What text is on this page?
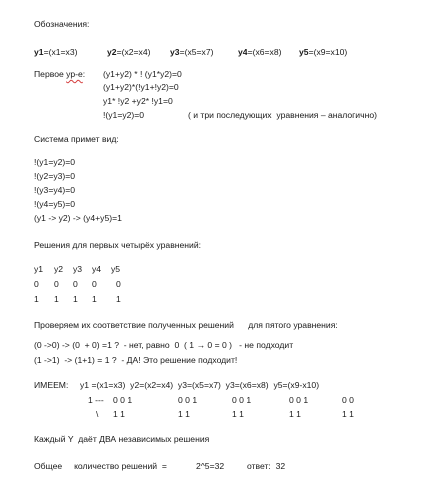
Обозначения:
y1=(x1=x3)	y2=(x2=x4) y3=(x5=x7)	y4=(x6=x8) y5=(x9=x10)
Первое ур-е: (y1+y2) * ! (y1*y2)=0
(y1+y2)*(!y1+!y2)=0
y1* !y2 +y2* !y1=0
!(y1=y2)=0	( и три последующих  уравнения – аналогично)
Система примет вид:
!(y1=y2)=0
!(y2=y3)=0
!(y3=y4)=0
!(y4=y5)=0
(y1 -> y2) -> (y4+y5)=1
Решения для первых четырёх уравнений:
y1 y2 y3 y4 y5
0 0 0 0 0
1 1 1 1 1
Проверяем их соответствие полученных решений      для пятого уравнения:
(0 ->0) -> (0  + 0) =1 ?  - нет, равно  0  ( 1 → 0 = 0 )   - не подходит
(1 ->1)  -> (1+1) = 1 ?  - ДА! Это решение подходит!
ИМЕЕМ: y1 =(x1=x3)  y2=(x2=x4)  y3=(x5=x7)  y3=(x6=x8)  y5=(x9-x10)
1 --- 0 0 1	0 0 1	0 0 1	0 0 1	0 0
\ 1 1	1 1	1 1	1 1	1 1
Каждый Y  даёт ДВА независимых решения
Общее     количество решений  =	2^5=32	ответ:  32
